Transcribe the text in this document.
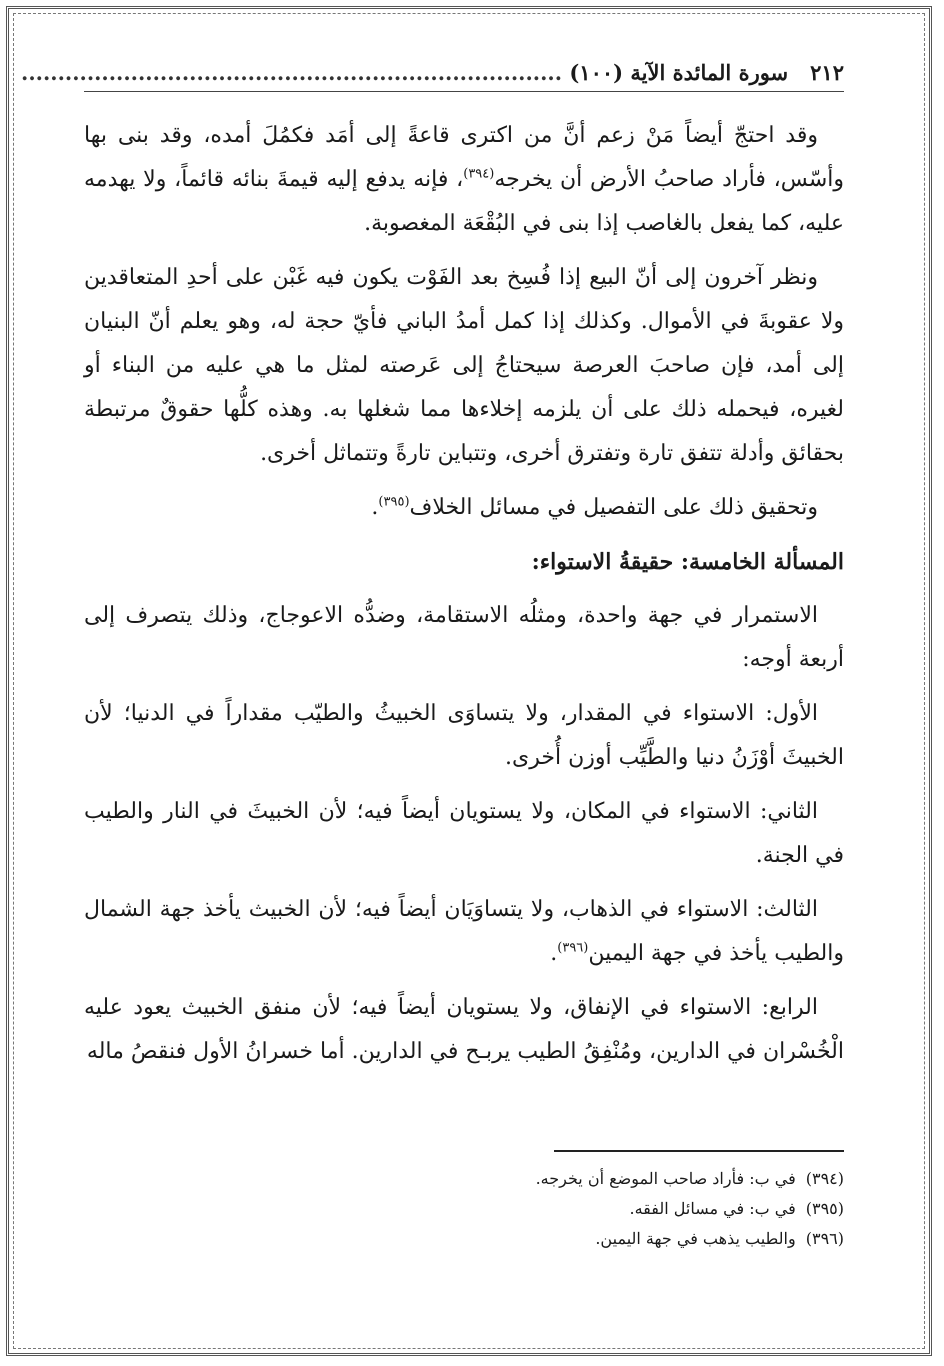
٢١٢
سورة المائدة الآية (١٠٠) ..........................................................................

وقد احتجّ أيضاً مَنْ زعم أنَّ من اكترى قاعةً إلى أمَد فكمُلَ أمده، وقد بنى بها وأسّس، فأراد صاحبُ الأرض أن يخرجه$^{(٣٩٤)}$، فإنه يدفع إليه قيمةَ بنائه قائماً، ولا يهدمه عليه، كما يفعل بالغاصب إذا بنى في البُقْعَة المغصوبة.

ونظر آخرون إلى أنّ البيع إذا فُسِخ بعد الفَوْت يكون فيه غَبْن على أحدِ المتعاقدين ولا عقوبةَ في الأموال. وكذلك إذا كمل أمدُ الباني فأيّ حجة له، وهو يعلم أنّ البنيان إلى أمد، فإن صاحبَ العرصة سيحتاجُ إلى عَرصته لمثل ما هي عليه من البناء أو لغيره، فيحمله ذلك على أن يلزمه إخلاءها مما شغلها به. وهذه كلُّها حقوقٌ مرتبطة بحقائق وأدلة تتفق تارة وتفترق أخرى، وتتباين تارةً وتتماثل أخرى.

وتحقيق ذلك على التفصيل في مسائل الخلاف$^{(٣٩٥)}$.

المسألة الخامسة: حقيقةُ الاستواء:

الاستمرار في جهة واحدة، ومثلُه الاستقامة، وضدُّه الاعوجاج، وذلك يتصرف إلى أربعة أوجه:

الأول: الاستواء في المقدار، ولا يتساوَى الخبيثُ والطيّب مقداراً في الدنيا؛ لأن الخبيثَ أوْزَنُ دنيا والطَّيِّب أوزن أُخرى.

الثاني: الاستواء في المكان، ولا يستويان أيضاً فيه؛ لأن الخبيثَ في النار والطيب في الجنة.

الثالث: الاستواء في الذهاب، ولا يتساوَيَان أيضاً فيه؛ لأن الخبيث يأخذ جهة الشمال والطيب يأخذ في جهة اليمين$^{(٣٩٦)}$.

الرابع: الاستواء في الإنفاق، ولا يستويان أيضاً فيه؛ لأن منفق الخبيث يعود عليه الْخُسْران في الدارين، ومُنْفِقُ الطيب يربـح في الدارين. أما خسرانُ الأول فنقصُ ماله

(٣٩٤)في ب: فأراد صاحب الموضع أن يخرجه.
(٣٩٥)في ب: في مسائل الفقه.
(٣٩٦)والطيب يذهب في جهة اليمين.
